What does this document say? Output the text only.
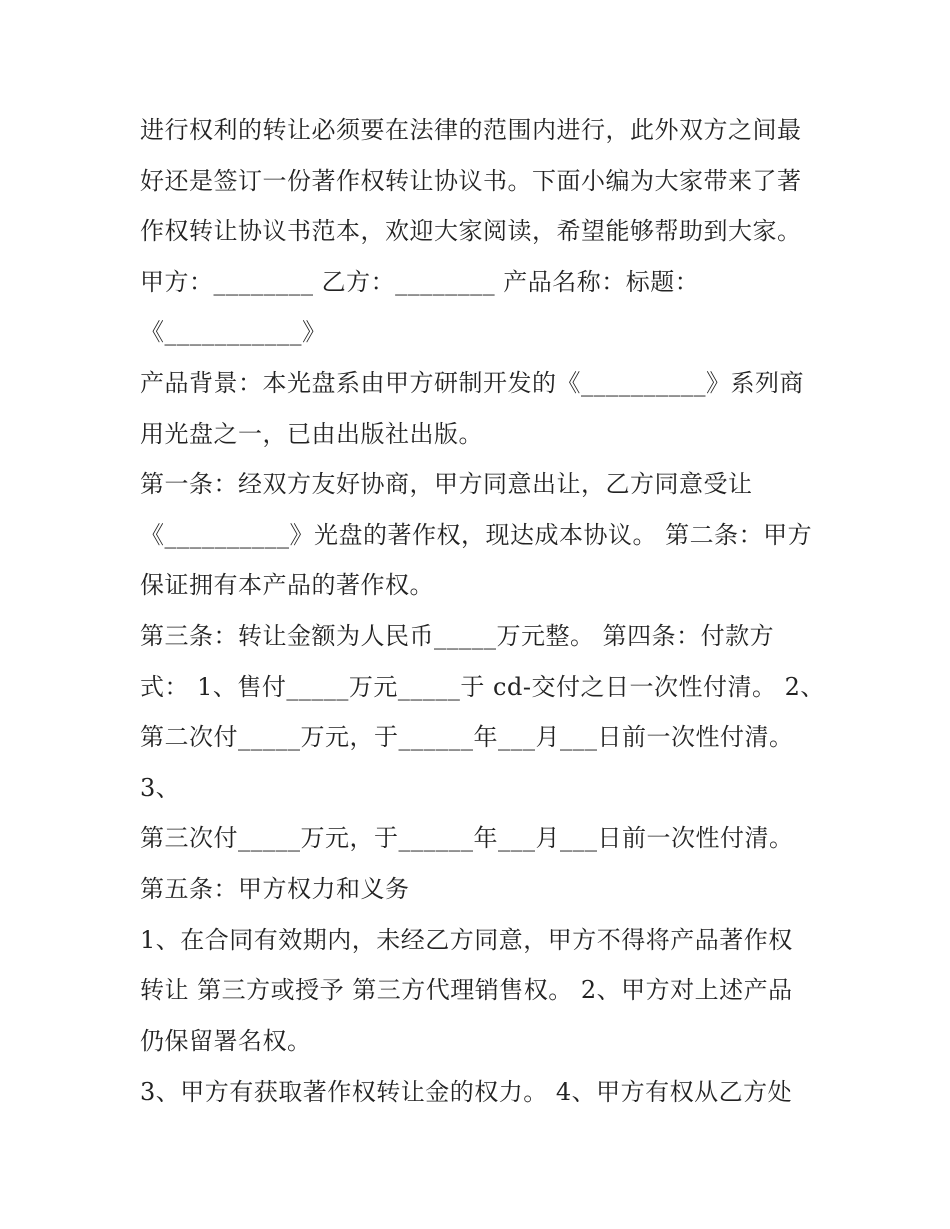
进行权利的转让必须要在法律的范围内进行，此外双方之间最
好还是签订一份著作权转让协议书。下面小编为大家带来了著
作权转让协议书范本，欢迎大家阅读，希望能够帮助到大家。
甲方：________ 乙方：________ 产品名称：标题：
《___________》
产品背景：本光盘系由甲方研制开发的《__________》系列商
用光盘之一，已由出版社出版。
第一条：经双方友好协商，甲方同意出让，乙方同意受让
《__________》光盘的著作权，现达成本协议。 第二条：甲方
保证拥有本产品的著作权。
第三条：转让金额为人民币_____万元整。 第四条：付款方
式： 1、售付_____万元_____于 cd-交付之日一次性付清。 2、
第二次付_____万元，于______年___月___日前一次性付清。
3、
第三次付_____万元，于______年___月___日前一次性付清。
第五条：甲方权力和义务
1、在合同有效期内，未经乙方同意，甲方不得将产品著作权
转让 第三方或授予 第三方代理销售权。 2、甲方对上述产品
仍保留署名权。
3、甲方有获取著作权转让金的权力。 4、甲方有权从乙方处
